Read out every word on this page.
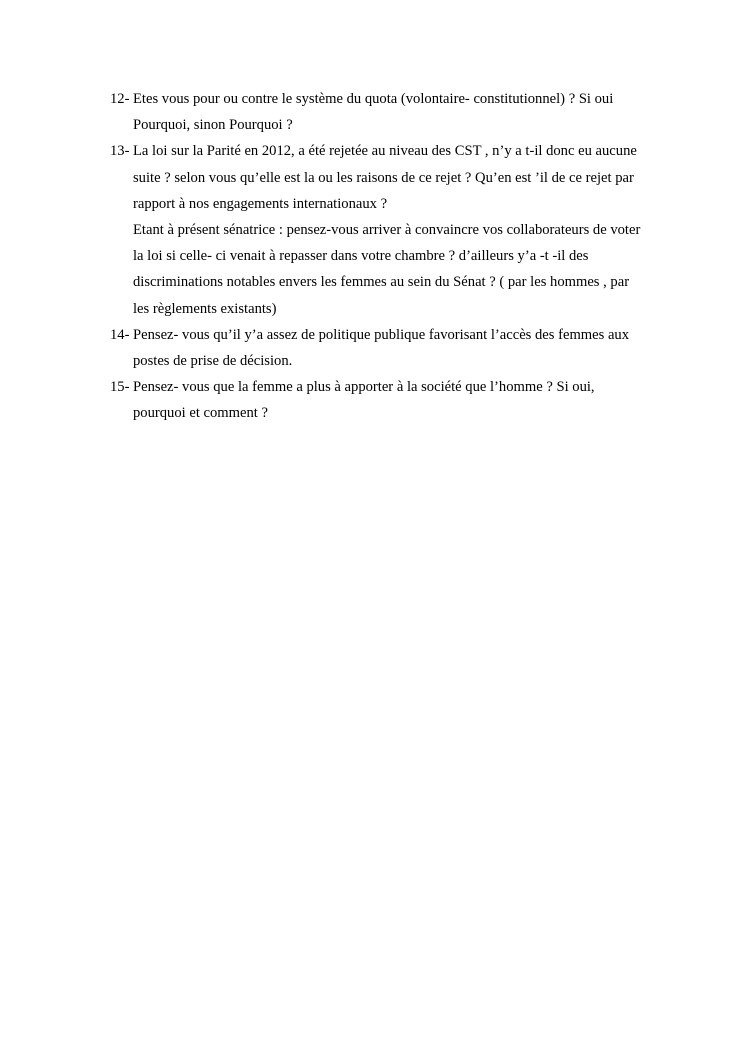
12- Etes vous pour ou contre le système du quota (volontaire- constitutionnel) ? Si oui
Pourquoi, sinon Pourquoi ?
13- La loi sur la Parité en 2012, a été rejetée au niveau des CST , n’y a t-il donc eu aucune
suite ? selon vous qu’elle est la ou les raisons de ce rejet ? Qu’en est ’il de ce rejet par
rapport à nos engagements internationaux ?
Etant à présent sénatrice : pensez-vous arriver à convaincre vos collaborateurs de voter
la loi si celle- ci venait à repasser dans votre chambre ? d’ailleurs y’a -t -il des
discriminations notables envers les femmes au sein du Sénat ? ( par les hommes , par
les règlements existants)
14- Pensez- vous qu’il y’a assez de politique publique favorisant l’accès des femmes aux
postes de prise de décision.
15- Pensez- vous que la femme a plus à apporter à la société que l’homme ? Si oui,
pourquoi et comment ?
